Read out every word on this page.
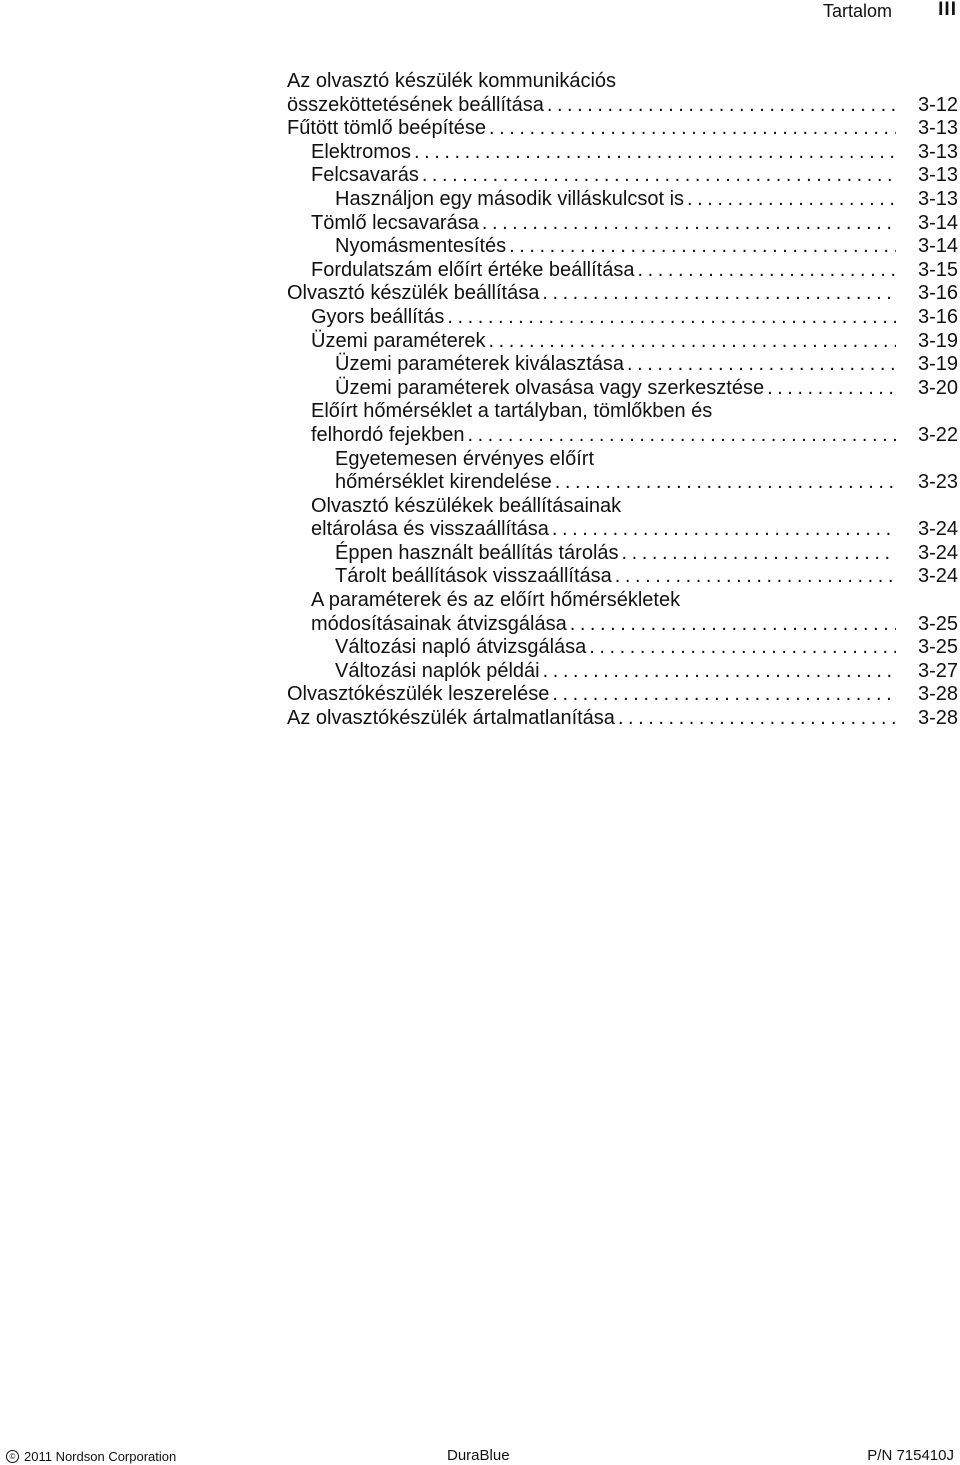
Tartalom III
Az olvasztó készülék kommunikációs
összeköttetésének beállítása . . .	3-12
Fűtött tömlő beépítése . . .	3-13
Elektromos . . .	3-13
Felcsavarás . . .	3-13
Használjon egy második villáskulcsot is . . .	3-13
Tömlő lecsavarása . . .	3-14
Nyomásmentesítés . . .	3-14
Fordulatszám előírt értéke beállítása . . .	3-15
Olvasztó készülék beállítása . . .	3-16
Gyors beállítás . . .	3-16
Üzemi paraméterek . . .	3-19
Üzemi paraméterek kiválasztása . . .	3-19
Üzemi paraméterek olvasása vagy szerkesztése . . .	3-20
Előírt hőmérséklet a tartályban, tömlőkben és
felhordó fejekben . . .	3-22
Egyetemesen érvényes előírt
hőmérséklet kirendelése . . .	3-23
Olvasztó készülékek beállításainak
eltárolása és visszaállítása . . .	3-24
Éppen használt beállítás tárolás . . .	3-24
Tárolt beállítások visszaállítása . . .	3-24
A paraméterek és az előírt hőmérsékletek
módosításainak átvizsgálása . . .	3-25
Változási napló átvizsgálása . . .	3-25
Változási naplók példái . . .	3-27
Olvasztókészülék leszerelése . . .	3-28
Az olvasztókészülék ártalmatlanítása . . .	3-28
© 2011 Nordson Corporation	DuraBlue	P/N 715410J
